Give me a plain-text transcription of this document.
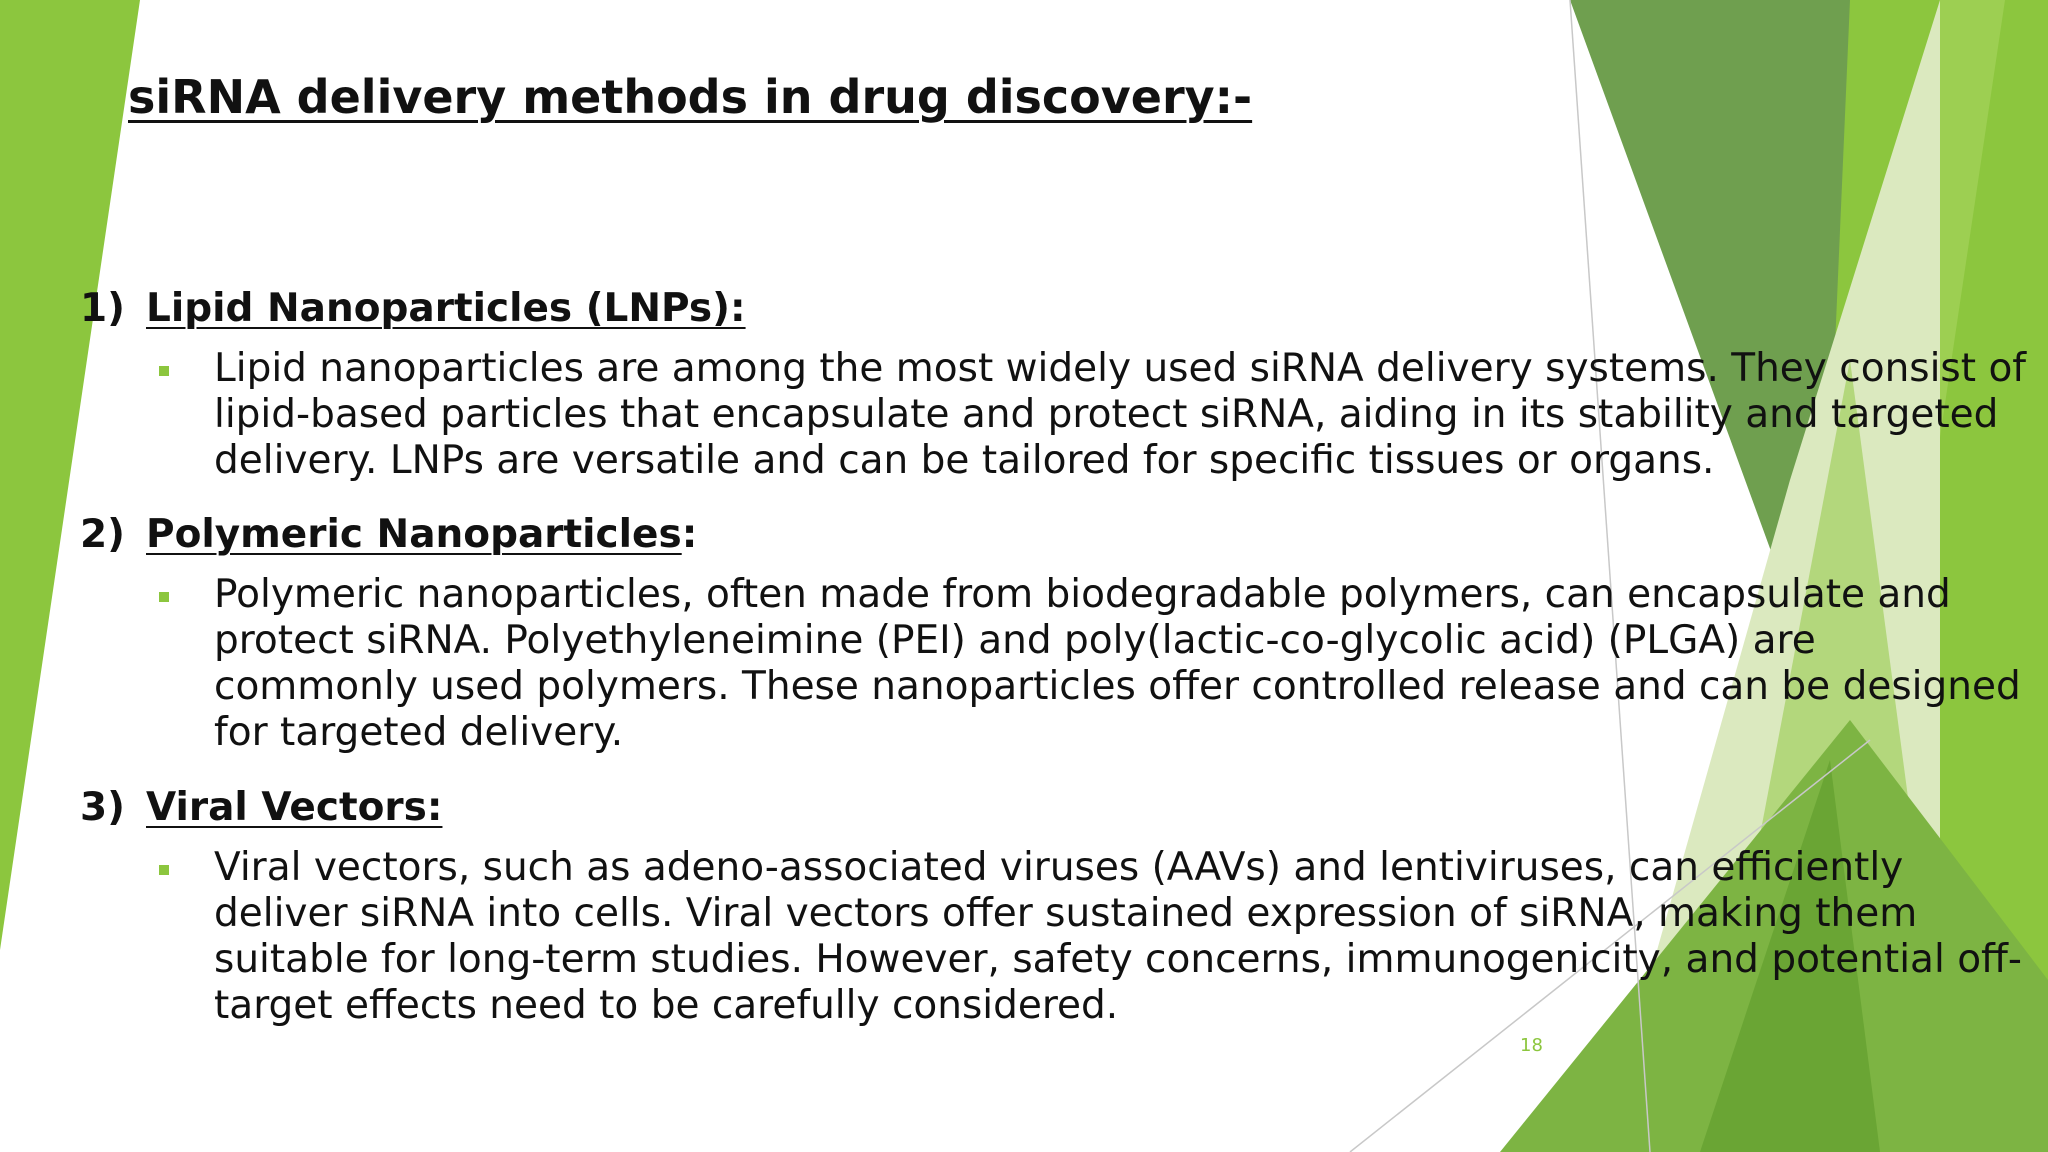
➤ siRNA delivery methods in drug discovery:-
1) Lipid Nanoparticles (LNPs):
Lipid nanoparticles are among the most widely used siRNA delivery systems. They consist of
lipid-based particles that encapsulate and protect siRNA, aiding in its stability and targeted
delivery. LNPs are versatile and can be tailored for specific tissues or organs.
2) Polymeric Nanoparticles :
Polymeric nanoparticles, often made from biodegradable polymers, can encapsulate and
protect siRNA. Polyethyleneimine (PEI) and poly(lactic-co-glycolic acid) (PLGA) are
commonly used polymers. These nanoparticles offer controlled release and can be designed
for targeted delivery.
3) Viral Vectors:
Viral vectors, such as adeno-associated viruses (AAVs) and lentiviruses, can efficiently
deliver siRNA into cells. Viral vectors offer sustained expression of siRNA, making them
suitable for long-term studies. However, safety concerns, immunogenicity, and potential off-
target effects need to be carefully considered.
18
